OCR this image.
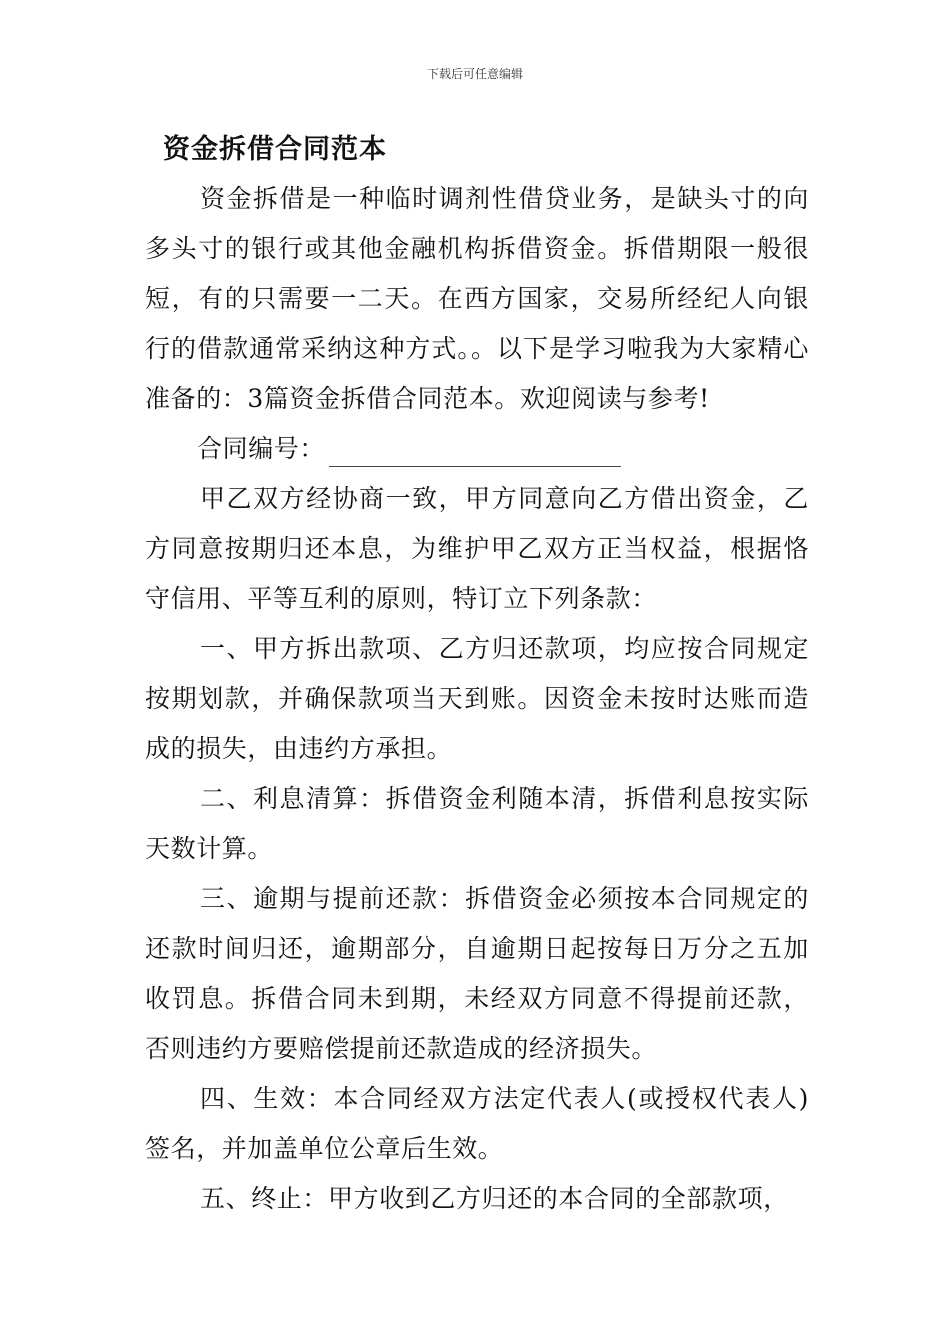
下载后可任意编辑
资金拆借合同范本

资金拆借是一种临时调剂性借贷业务，是缺头寸的向多头寸的银行或其他金融机构拆借资金。拆借期限一般很短，有的只需要一二天。在西方国家，交易所经纪人向银行的借款通常采纳这种方式。。以下是学习啦我为大家精心准备的：3篇资金拆借合同范本。欢迎阅读与参考!

合同编号：

甲乙双方经协商一致，甲方同意向乙方借出资金，乙方同意按期归还本息，为维护甲乙双方正当权益，根据恪守信用、平等互利的原则，特订立下列条款：

一、甲方拆出款项、乙方归还款项，均应按合同规定按期划款，并确保款项当天到账。因资金未按时达账而造成的损失，由违约方承担。

二、利息清算：拆借资金利随本清，拆借利息按实际天数计算。

三、逾期与提前还款：拆借资金必须按本合同规定的还款时间归还，逾期部分，自逾期日起按每日万分之五加收罚息。拆借合同未到期，未经双方同意不得提前还款，否则违约方要赔偿提前还款造成的经济损失。

四、生效：本合同经双方法定代表人(或授权代表人)签名，并加盖单位公章后生效。

五、终止：甲方收到乙方归还的本合同的全部款项，
